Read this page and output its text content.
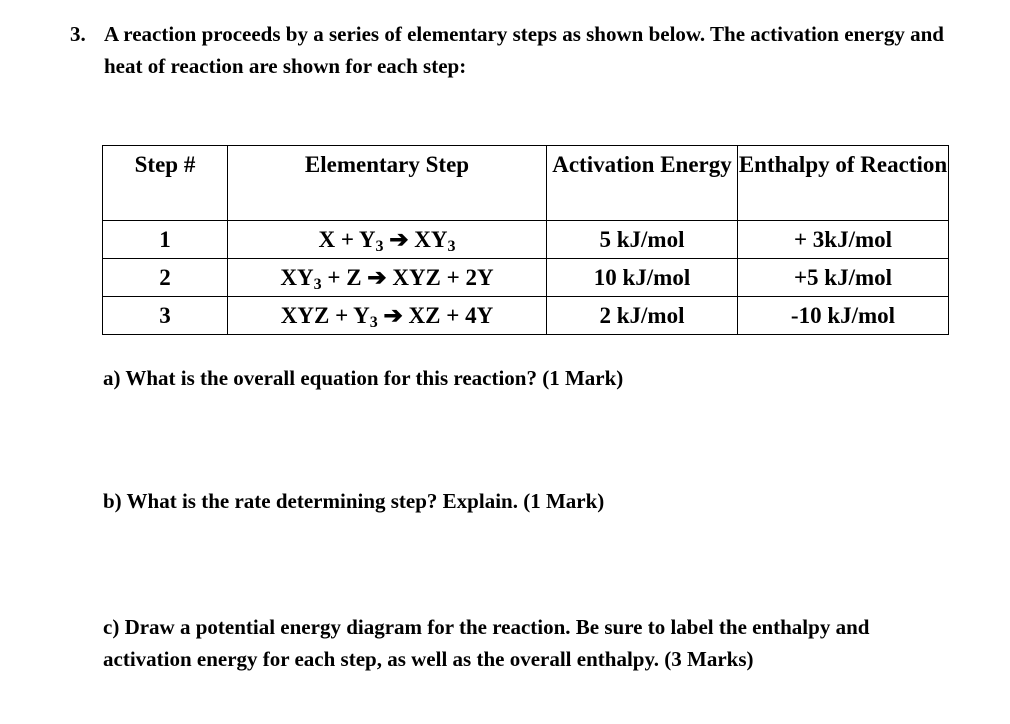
3. A reaction proceeds by a series of elementary steps as shown below. The activation energy and heat of reaction are shown for each step:
Step #	Elementary Step	Activation Energy	Enthalpy of Reaction
1	$X + Y_3$ ➔ $XY_3$	5 kJ/mol	+ 3kJ/mol
2	$XY_3 + Z$ ➔ XYZ + 2Y	10 kJ/mol	+5 kJ/mol
3	XYZ + $Y_3$ ➔ XZ + 4Y	2 kJ/mol	-10 kJ/mol
a) What is the overall equation for this reaction? (1 Mark)
b) What is the rate determining step? Explain. (1 Mark)
c) Draw a potential energy diagram for the reaction. Be sure to label the enthalpy and activation energy for each step, as well as the overall enthalpy. (3 Marks)
